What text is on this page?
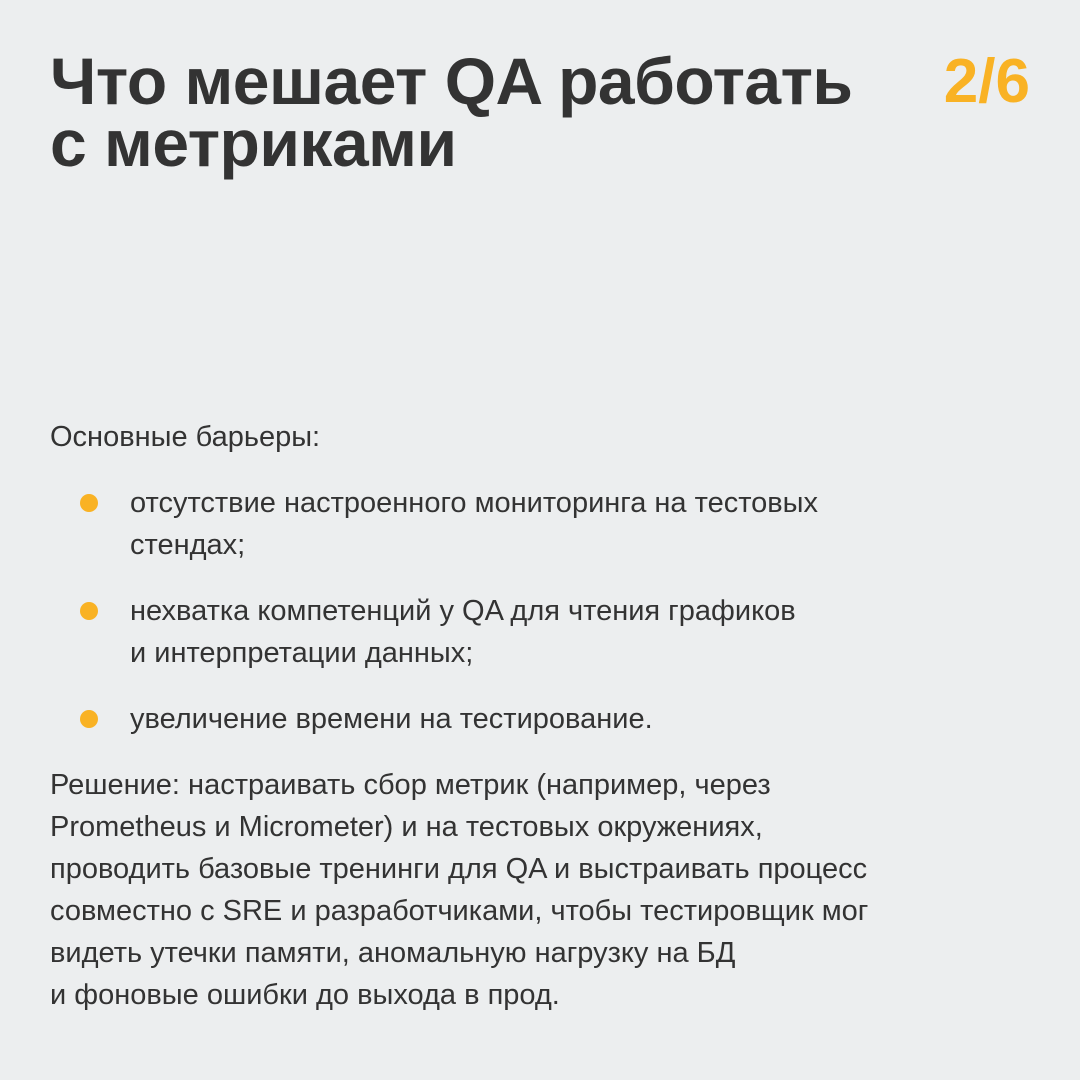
Что мешает QA работать
с метриками
2/6

Основные барьеры:

отсутствие настроенного мониторинга на тестовых
стендах;
нехватка компетенций у QA для чтения графиков
и интерпретации данных;
увеличение времени на тестирование.
Решение: настраивать сбор метрик (например, через
Prometheus и Micrometer) и на тестовых окружениях,
проводить базовые тренинги для QA и выстраивать процесс
совместно с SRE и разработчиками, чтобы тестировщик мог
видеть утечки памяти, аномальную нагрузку на БД
и фоновые ошибки до выхода в прод.
